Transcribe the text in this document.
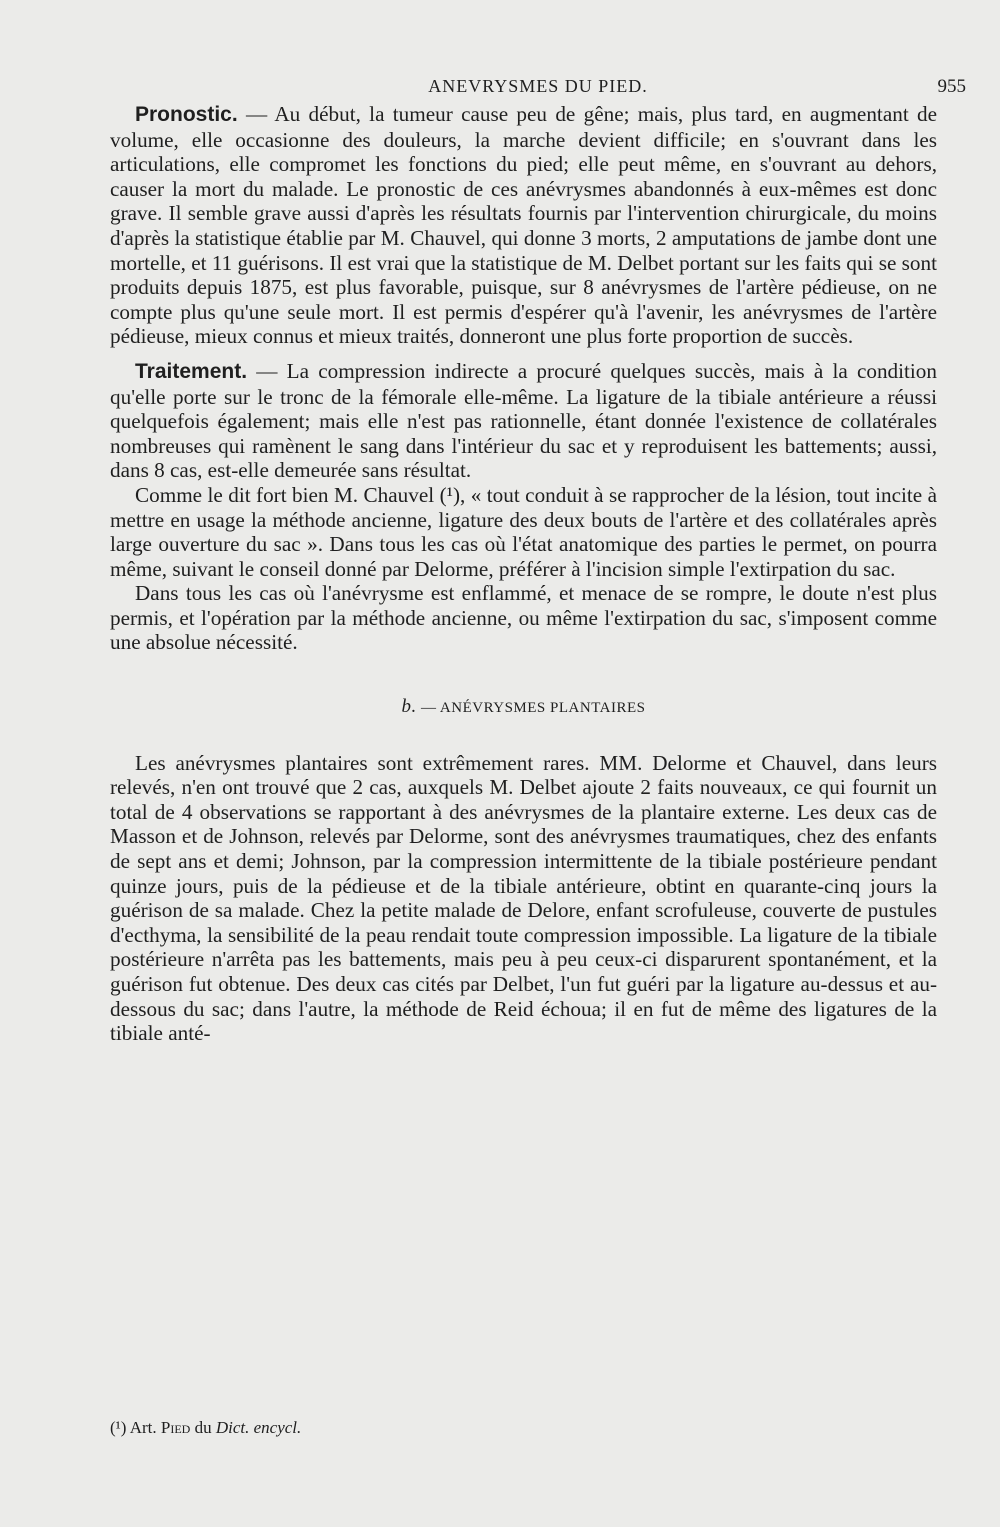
ANEVRYSMES DU PIED.	955

Pronostic. — Au début, la tumeur cause peu de gêne; mais, plus tard, en augmentant de volume, elle occasionne des douleurs, la marche devient difficile; en s'ouvrant dans les articulations, elle compromet les fonctions du pied; elle peut même, en s'ouvrant au dehors, causer la mort du malade. Le pronostic de ces anévrysmes abandonnés à eux-mêmes est donc grave. Il semble grave aussi d'après les résultats fournis par l'intervention chirurgicale, du moins d'après la statistique établie par M. Chauvel, qui donne 3 morts, 2 amputations de jambe dont une mortelle, et 11 guérisons. Il est vrai que la statistique de M. Delbet portant sur les faits qui se sont produits depuis 1875, est plus favorable, puisque, sur 8 anévrysmes de l'artère pédieuse, on ne compte plus qu'une seule mort. Il est permis d'espérer qu'à l'avenir, les anévrysmes de l'artère pédieuse, mieux connus et mieux traités, donneront une plus forte proportion de succès.

Traitement. — La compression indirecte a procuré quelques succès, mais à la condition qu'elle porte sur le tronc de la fémorale elle-même. La ligature de la tibiale antérieure a réussi quelquefois également; mais elle n'est pas rationnelle, étant donnée l'existence de collatérales nombreuses qui ramènent le sang dans l'intérieur du sac et y reproduisent les battements; aussi, dans 8 cas, est-elle demeurée sans résultat.

Comme le dit fort bien M. Chauvel (¹), « tout conduit à se rapprocher de la lésion, tout incite à mettre en usage la méthode ancienne, ligature des deux bouts de l'artère et des collatérales après large ouverture du sac ». Dans tous les cas où l'état anatomique des parties le permet, on pourra même, suivant le conseil donné par Delorme, préférer à l'incision simple l'extirpation du sac.

Dans tous les cas où l'anévrysme est enflammé, et menace de se rompre, le doute n'est plus permis, et l'opération par la méthode ancienne, ou même l'extirpation du sac, s'imposent comme une absolue nécessité.

b. — ANÉVRYSMES PLANTAIRES

Les anévrysmes plantaires sont extrêmement rares. MM. Delorme et Chauvel, dans leurs relevés, n'en ont trouvé que 2 cas, auxquels M. Delbet ajoute 2 faits nouveaux, ce qui fournit un total de 4 observations se rapportant à des anévrysmes de la plantaire externe. Les deux cas de Masson et de Johnson, relevés par Delorme, sont des anévrysmes traumatiques, chez des enfants de sept ans et demi; Johnson, par la compression intermittente de la tibiale postérieure pendant quinze jours, puis de la pédieuse et de la tibiale antérieure, obtint en quarante-cinq jours la guérison de sa malade. Chez la petite malade de Delore, enfant scrofuleuse, couverte de pustules d'ecthyma, la sensibilité de la peau rendait toute compression impossible. La ligature de la tibiale postérieure n'arrêta pas les battements, mais peu à peu ceux-ci disparurent spontanément, et la guérison fut obtenue. Des deux cas cités par Delbet, l'un fut guéri par la ligature au-dessus et au-dessous du sac; dans l'autre, la méthode de Reid échoua; il en fut de même des ligatures de la tibiale anté-

(¹) Art. Pied du Dict. encycl.
